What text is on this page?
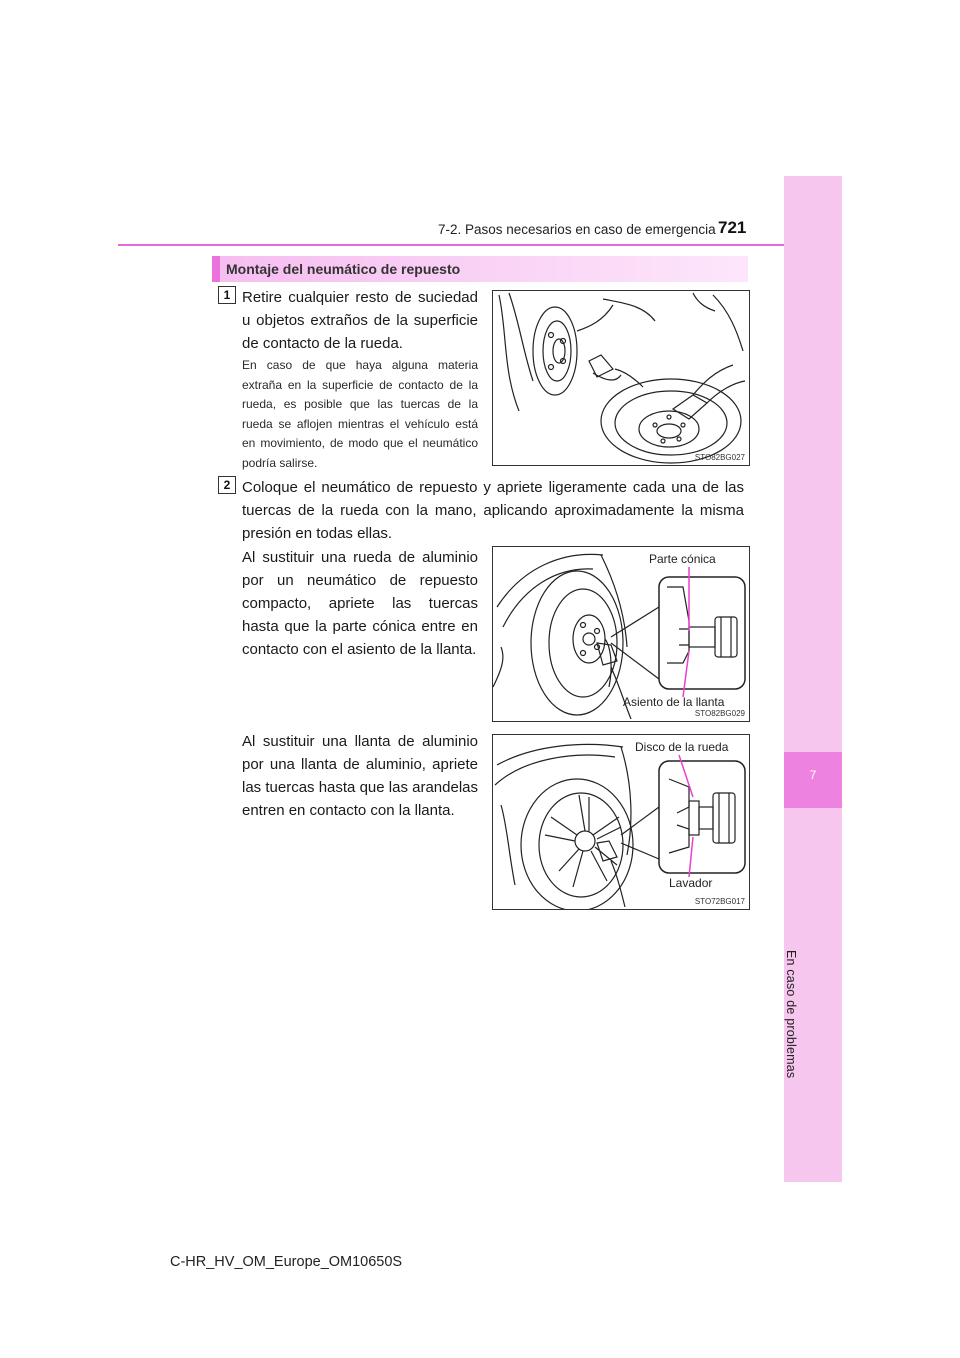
7
En caso de problemas
7-2. Pasos necesarios en caso de emergencia 721
Montaje del neumático de repuesto
1 Retire cualquier resto de suciedad u objetos extraños de la superficie de contacto de la rueda.
En caso de que haya alguna materia extraña en la superficie de contacto de la rueda, es posible que las tuercas de la rueda se aflojen mientras el vehículo está en movimiento, de modo que el neumático podría salirse.	STO82BG027
2 Coloque el neumático de repuesto y apriete ligeramente cada una de las tuercas de la rueda con la mano, aplicando aproximadamente la misma presión en todas ellas.
Al sustituir una rueda de aluminio por un neumático de repuesto compacto, apriete las tuercas hasta que la parte cónica entre en contacto con el asiento de la llanta.
Parte cónica
Asiento de la llanta
STO82BG029
Al sustituir una llanta de aluminio por una llanta de aluminio, apriete las tuercas hasta que las arandelas entren en contacto con la llanta.
Disco de la rueda
Lavador
STO72BG017
C-HR_HV_OM_Europe_OM10650S
